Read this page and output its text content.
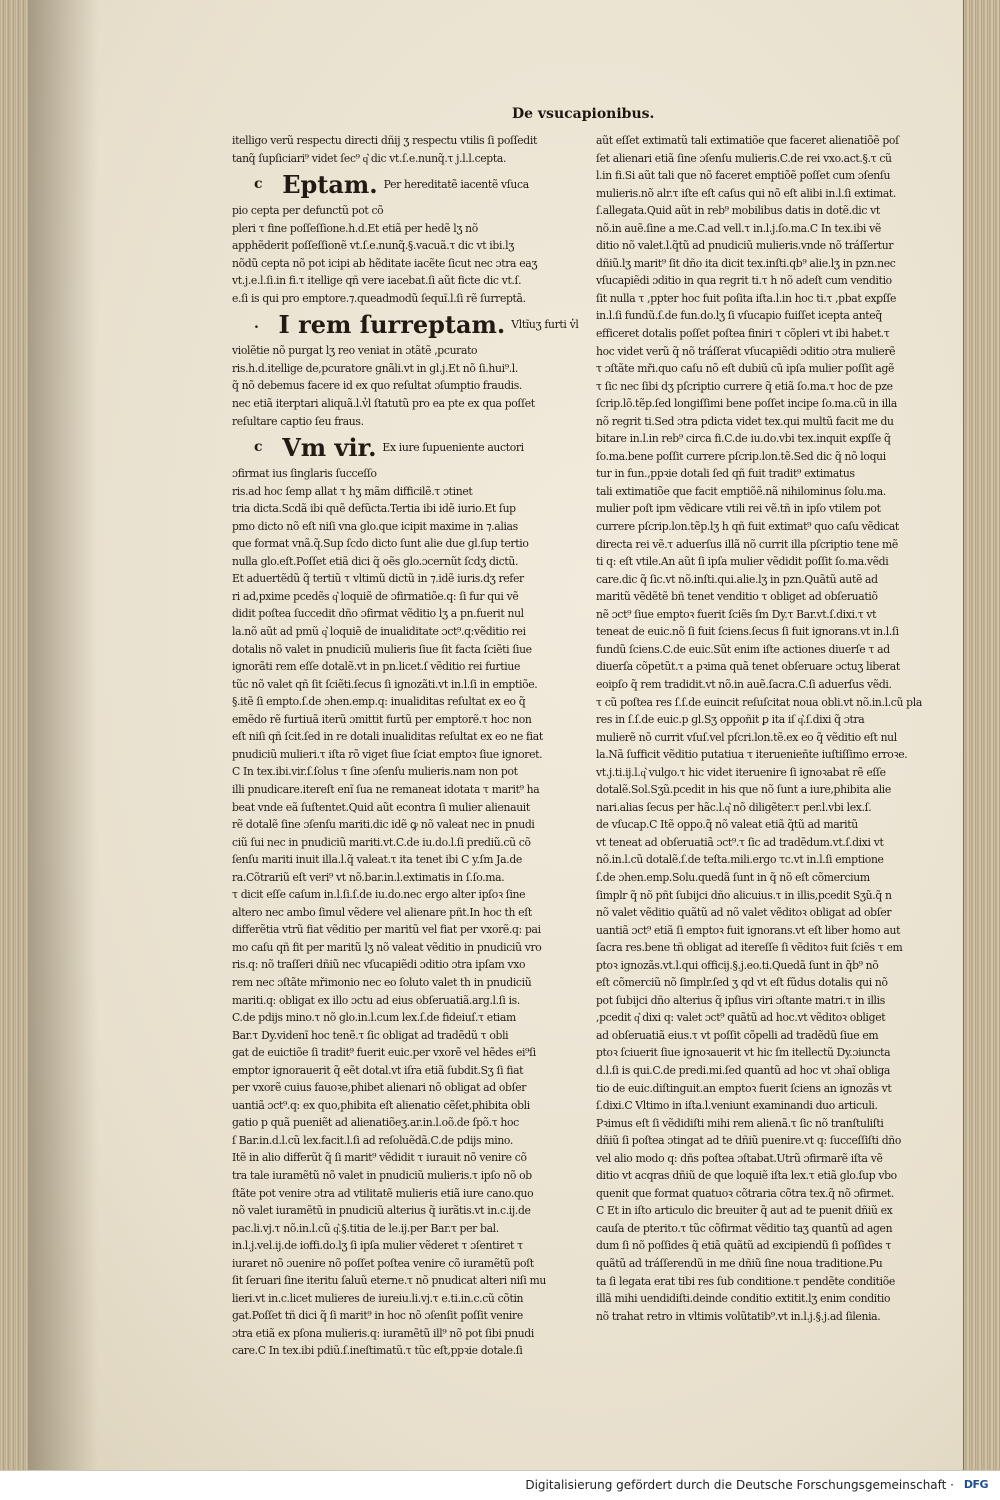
De vsucapionibus.
itelligo verũ respectu directi dñij ʒ respectu vtilis ſi poſſedit
tanq̃ ſupſiciari⁹ videt ſec⁹ q͛ dic vt.ſ.e.nunq̃.τ j.l.l.cepta.
c Eptam. Per hereditatẽ iacentẽ vſuca
pio cepta per defunctũ pot cõ
pleri τ fine poſſeſſione.h.d.Et etiã per hedẽ lʒ nõ
apphẽderit poſſeſſionẽ vt.ſ.e.nunq̃.§.vacuã.τ dic vt ibi.lʒ
nõdũ cepta nõ pot icipi ab hẽditate iacẽte ſicut nec ɔtra eaʒ
vt.j.e.l.ſi.in fi.τ itellige qñ vere iacebat.ſi aũt ficte dic vt.ſ.
e.ſi is qui pro emptore.⁊.queadmodũ ſequĩ.l.ſi rẽ ſurreptã.
. I rem ſurreptam. Vltĩuʒ furti v̓l
violẽtie nõ purgat lʒ reo veniat in ɔtãtẽ ,pcurato
ris.h.d.itellige de,pcuratore gnãli.vt in gl.j.Et nõ ſi.hui⁹.l.
q̃ nõ debemus facere id ex quo reſultat ɔſumptio fraudis.
nec etiã iterptari aliquã.l.v̓l ſtatutũ pro ea pte ex qua poſſet
reſultare captio ſeu fraus.
c Vm vir. Ex iure ſupueniente auctori
ɔfirmat ius ſinglaris ſucceſſo
ris.ad hoc ſemp allat τ hʒ mãm difficilẽ.τ ɔtinet
tria dicta.Scdã ibi quẽ defũcta.Tertia ibi idẽ iurio.Et ſup
pmo dicto nõ eſt niſi vna glo.que icipit maxime in ⁊.alias
que format vnã.q̃.Sup ſcdo dicto ſunt alie due gl.ſup tertio
nulla glo.eſt.Poſſet etiã dici q̃ oẽs glo.ɔcernũt ſcdʒ dictũ.
Et aduertẽdũ q̃ tertiũ τ vltimũ dictũ in ⁊.idẽ iuris.dʒ refer
ri ad,pxime pcedẽs q͛ loquiẽ de ɔfirmatiõe.q: ſi fur qui vẽ
didit poſtea ſuccedit dño ɔfirmat vẽditio lʒ a pn.fuerit nul
la.nõ aũt ad pmũ q͛ loquiẽ de inualiditate ɔct⁹.q:vẽditio rei
dotalis nõ valet in pnudiciũ mulieris ſiue ſit facta ſciẽti ſiue
ignorãti rem eſſe dotalẽ.vt in pn.licet.ſ vẽditio rei furtiue
tũc nõ valet qñ ſit ſciẽti.ſecus ſi ignozãti.vt in.l.ſi in emptiõe.
§.itẽ ſi empto.ſ.de ɔhen.emp.q: inualiditas reſultat ex eo q̃
emẽdo rẽ furtiuã iterũ ɔmittit furtũ per emptorẽ.τ hoc non
eſt niſi qñ ſcit.ſed in re dotali inualiditas reſultat ex eo ne fiat
pnudiciũ mulieri.τ iſta rõ viget ſiue ſciat emptoꝛ ſiue ignoret.
C In tex.ibi.vir.ſ.ſolus τ ſine ɔſenſu mulieris.nam non pot
illi pnudicare.itereſt enĩ ſua ne remaneat idotata τ marit⁹ ha
beat vnde eã ſuſtentet.Quid aũt econtra ſi mulier alienauit
rẽ dotalẽ ſine ɔſenſu mariti.dic idẽ ꝙ nõ valeat nec in pnudi
ciũ ſui nec in pnudiciũ mariti.vt.C.de iu.do.l.ſi prediũ.cũ cõ
ſenſu mariti inuit illa.l.q̃ valeat.τ ita tenet ibi C y.ſm Ja.de
ra.Cõtrariũ eſt veri⁹ vt nõ.bar.in.l.extimatis in ſ.ſo.ma.
τ dicit eſſe caſum in.l.ſi.ſ.de iu.do.nec ergo alter ipſoꝛ ſine
altero nec ambo ſimul vẽdere vel alienare pñt.In hoc th eſt
differẽtia vtrũ fiat vẽditio per maritũ vel fiat per vxorẽ.q: pai
mo caſu qñ fit per maritũ lʒ nõ valeat vẽditio in pnudiciũ vro
ris.q: nõ traſſeri dñiũ nec vſucapiẽdi ɔditio ɔtra ipſam vxo
rem nec ɔſtãte mřimonio nec eo ſoluto valet th in pnudiciũ
mariti.q: obligat ex illo ɔctu ad eius obſeruatiã.arg.l.ſi is.
C.de pdijs mino.τ nõ glo.in.l.cum lex.ſ.de fideiuſ.τ etiam
Bar.τ Dy.videnĩ hoc tenẽ.τ ſic obligat ad tradẽdũ τ obli
gat de euictiõe ſi tradit⁹ fuerit euic.per vxorẽ vel hẽdes ei⁹ſi
emptor ignorauerit q̃ eẽt dotal.vt iſra etiã ſubdit.Sʒ ſi fiat
per vxorẽ cuius fauoꝛe,phibet alienari nõ obligat ad obſer
uantiã ɔct⁹.q: ex quo,phibita eſt alienatio cẽſet,phibita obli
gatio p quã pueniẽt ad alienatiõeʒ.ar.in.l.oõ.de ſpõ.τ hoc
ſ Bar.in.d.l.cũ lex.facit.l.ſi ad reſoluẽdã.C.de pdijs mino.
Itẽ in alio differũt q̃ ſi marit⁹ vẽdidit τ iurauit nõ venire cõ
tra tale iuramẽtũ nõ valet in pnudiciũ mulieris.τ ipſo nõ ob
ſtãte pot venire ɔtra ad vtilitatẽ mulieris etiã iure cano.quo
nõ valet iuramẽtũ in pnudiciũ alterius q̃ iurãtis.vt in.c.ij.de
pac.li.vj.τ nõ.in.l.cũ q͛.§.titia de le.ij.per Bar.τ per bal.
in.l.j.vel.ij.de ioffi.do.lʒ ſi ipſa mulier vẽderet τ ɔſentiret τ
iuraret nõ ɔuenire nõ poſſet poſtea venire cõ iuramẽtũ poſt
ſit ſeruari ſine iteritu ſaluũ eterne.τ nõ pnudicat alteri niſi mu
lieri.vt in.c.licet mulieres de iureiu.li.vj.τ e.ti.in.c.cũ cõtin
gat.Poſſet tñ dici q̃ ſi marit⁹ in hoc nõ ɔſenſit poſſit venire
ɔtra etiã ex pſona mulieris.q: iuramẽtũ ill⁹ nõ pot ſibi pnudi
care.C In tex.ibi pdiũ.ſ.ineſtimatũ.τ tũc eſt,ppꝛie dotale.ſi
aũt eſſet extimatũ tali extimatiõe que faceret alienatiõẽ poſ
ſet alienari etiã ſine ɔſenſu mulieris.C.de rei vxo.act.§.τ cũ
l.in fi.Si aũt tali que nõ faceret emptiõẽ poſſet cum ɔſenſu
mulieris.nõ alr.τ iſte eſt caſus qui nõ eſt alibi in.l.ſi extimat.
ſ.allegata.Quid aũt in reb⁹ mobilibus datis in dotẽ.dic vt
nõ.in auẽ.ſine a me.C.ad vell.τ in.l.j.ſo.ma.C In tex.ibi vẽ
ditio nõ valet.l.q̃tũ ad pnudiciũ mulieris.vnde nõ tráſſertur
dñiũ.lʒ marit⁹ ſit dño ita dicit tex.inſti.qb⁹ alie.lʒ in pzn.nec
vſucapiẽdi ɔditio in qua regrit ti.τ h nõ adeſt cum venditio
ſit nulla τ ,ppter hoc fuit poſita iſta.l.in hoc ti.τ ,pbat exꝑſſe
in.l.ſi fundũ.ſ.de fun.do.lʒ ſi vſucapio fuiſſet icepta anteq̃
efficeret dotalis poſſet poſtea finiri τ cõpleri vt ibi habet.τ
hoc videt verũ q̃ nõ tráſſerat vſucapiẽdi ɔditio ɔtra mulierẽ
τ ɔſtãte mři.quo caſu nõ eſt dubiũ cũ ipſa mulier poſſit agẽ
τ ſic nec ſibi dʒ pſcriptio currere q̃ etiã ſo.ma.τ hoc de pze
ſcrip.lõ.tẽp.ſed longiſſimi bene poſſet incipe ſo.ma.cũ in illa
nõ regrit ti.Sed ɔtra pdicta videt tex.qui multũ facit me du
bitare in.l.in reb⁹ circa fi.C.de iu.do.vbi tex.inquit exꝑſſe q̃
ſo.ma.bene poſſit currere pſcrip.lon.tẽ.Sed dic q̃ nõ loqui
tur in fun.,ppꝛie dotali ſed qñ fuit tradit⁹ extimatus
tali extimatiõe que facit emptiõẽ.nã nihilominus ſolu.ma.
mulier poſt ipm vẽdicare vtili rei vẽ.tñ in ipſo vtilem pot
currere pſcrip.lon.tẽp.lʒ h qñ fuit extimat⁹ quo caſu vẽdicat
directa rei vẽ.τ aduerſus illã nõ currit illa pſcriptio tene mẽ
ti q: eſt vtile.An aũt ſi ipſa mulier vẽdidit poſſit ſo.ma.vẽdi
care.dic q̃ ſic.vt nõ.inſti.qui.alie.lʒ in pzn.Quãtũ autẽ ad
maritũ vẽdẽtẽ bñ tenet venditio τ obliget ad obſeruatiõ
nẽ ɔct⁹ ſiue emptoꝛ fuerit ſciẽs ſm Dy.τ Bar.vt.ſ.dixi.τ vt
teneat de euic.nõ ſi fuit ſciens.ſecus ſi fuit ignorans.vt in.l.ſi
fundũ ſciens.C.de euic.Sũt enim iſte actiones diuerſe τ ad
diuerſa cõpetũt.τ a pꝛima quã tenet obſeruare ɔctuʒ liberat
eoipſo q̃ rem tradidit.vt nõ.in auẽ.ſacra.C.ſi aduerſus vẽdi.
τ cũ poſtea res ſ.ſ.de euincit reſuſcitat noua obli.vt nõ.in.l.cũ pla
res in ſ.ſ.de euic.p gl.Sʒ oppoñit ꝑ ita iſ q͛.ſ.dixi q̃ ɔtra
mulierẽ nõ currit vſuſ.vel pſcri.lon.tẽ.ex eo q̃ vẽditio eſt nul
la.Nã ſufficit vẽditio putatiua τ iteruenieñte iuſtiſſimo erroꝛe.
vt.j.ti.ij.l.q͛ vulgo.τ hic videt iteruenire ſi ignoꝛabat rẽ eſſe
dotalẽ.Sol.Sʒũ.pcedit in his que nõ ſunt a iure,phibita alie
nari.alias ſecus per hãc.l.q͛ nõ diligẽter.τ per.l.vbi lex.ſ.
de vſucap.C Itẽ oppo.q̃ nõ valeat etiã q̃tũ ad maritũ
vt teneat ad obſeruatiã ɔct⁹.τ ſic ad tradẽdum.vt.ſ.dixi vt
nõ.in.l.cũ dotalẽ.ſ.de teſta.mili.ergo τc.vt in.l.ſi emptione
ſ.de ɔhen.emp.Solu.quedã ſunt in q̃ nõ eſt cõmercium
ſimplr q̃ nõ pñt ſubijci dño alicuius.τ in illis,pcedit Sʒũ.q̃ n
nõ valet vẽditio quãtũ ad nõ valet vẽditoꝛ obligat ad obſer
uantiã ɔct⁹ etiã ſi emptoꝛ fuit ignorans.vt eſt liber homo aut
ſacra res.bene tñ obligat ad itereſſe ſi vẽditoꝛ fuit ſciẽs τ em
ptoꝛ ignozãs.vt.l.qui officij.§.j.eo.ti.Quedã ſunt in q̃b⁹ nõ
eſt cõmerciũ nõ ſimplr.ſed ʒ qd vt eſt fũdus dotalis qui nõ
pot ſubijci dño alterius q̃ ipſius viri ɔſtante matri.τ in illis
,pcedit q͛ dixi q: valet ɔct⁹ quãtũ ad hoc.vt vẽditoꝛ obliget
ad obſeruatiã eius.τ vt poſſit cõpelli ad tradẽdũ ſiue em
ptoꝛ ſciuerit ſiue ignoꝛauerit vt hic ſm itellectũ Dy.ɔiuncta
d.l.ſi is qui.C.de predi.mi.ſed quantũ ad hoc vt ɔhaĩ obliga
tio de euic.diſtinguit.an emptoꝛ fuerit ſciens an ignozãs vt
ſ.dixi.C Vltimo in iſta.l.veniunt examinandi duo articuli.
Pꝛimus eſt ſi vẽdidiſti mihi rem alienã.τ ſic nõ tranſtuliſti
dñiũ ſi poſtea ɔtingat ad te dñiũ puenire.vt q: ſucceſſiſti dño
vel alio modo q: dñs poſtea ɔſtabat.Utrũ ɔfirmarẽ iſta vẽ
ditio vt acqras dñiũ de que loquiẽ iſta lex.τ etiã glo.ſup vbo
quenit que format quatuoꝛ cõtraria cõtra tex.q̃ nõ ɔfirmet.
C Et in iſto articulo dic breuiter q̃ aut ad te puenit dñiũ ex
cauſa de pterito.τ tũc cõfirmat vẽditio taʒ quantũ ad agen
dum ſi nõ poſſides q̃ etiã quãtũ ad excipiendũ ſi poſſides τ
quãtũ ad tráſſerendũ in me dñiũ ſine noua traditione.Pu
ta ſi legata erat tibi res ſub conditione.τ pendẽte conditiõe
illã mihi uendidiſti.deinde conditio extitit.lʒ enim conditio
nõ trahat retro in vltimis volũtatib⁹.vt in.l.j.§.j.ad ſilenia.
Digitalisierung gefördert durch die Deutsche Forschungsgemeinschaft · DFG
